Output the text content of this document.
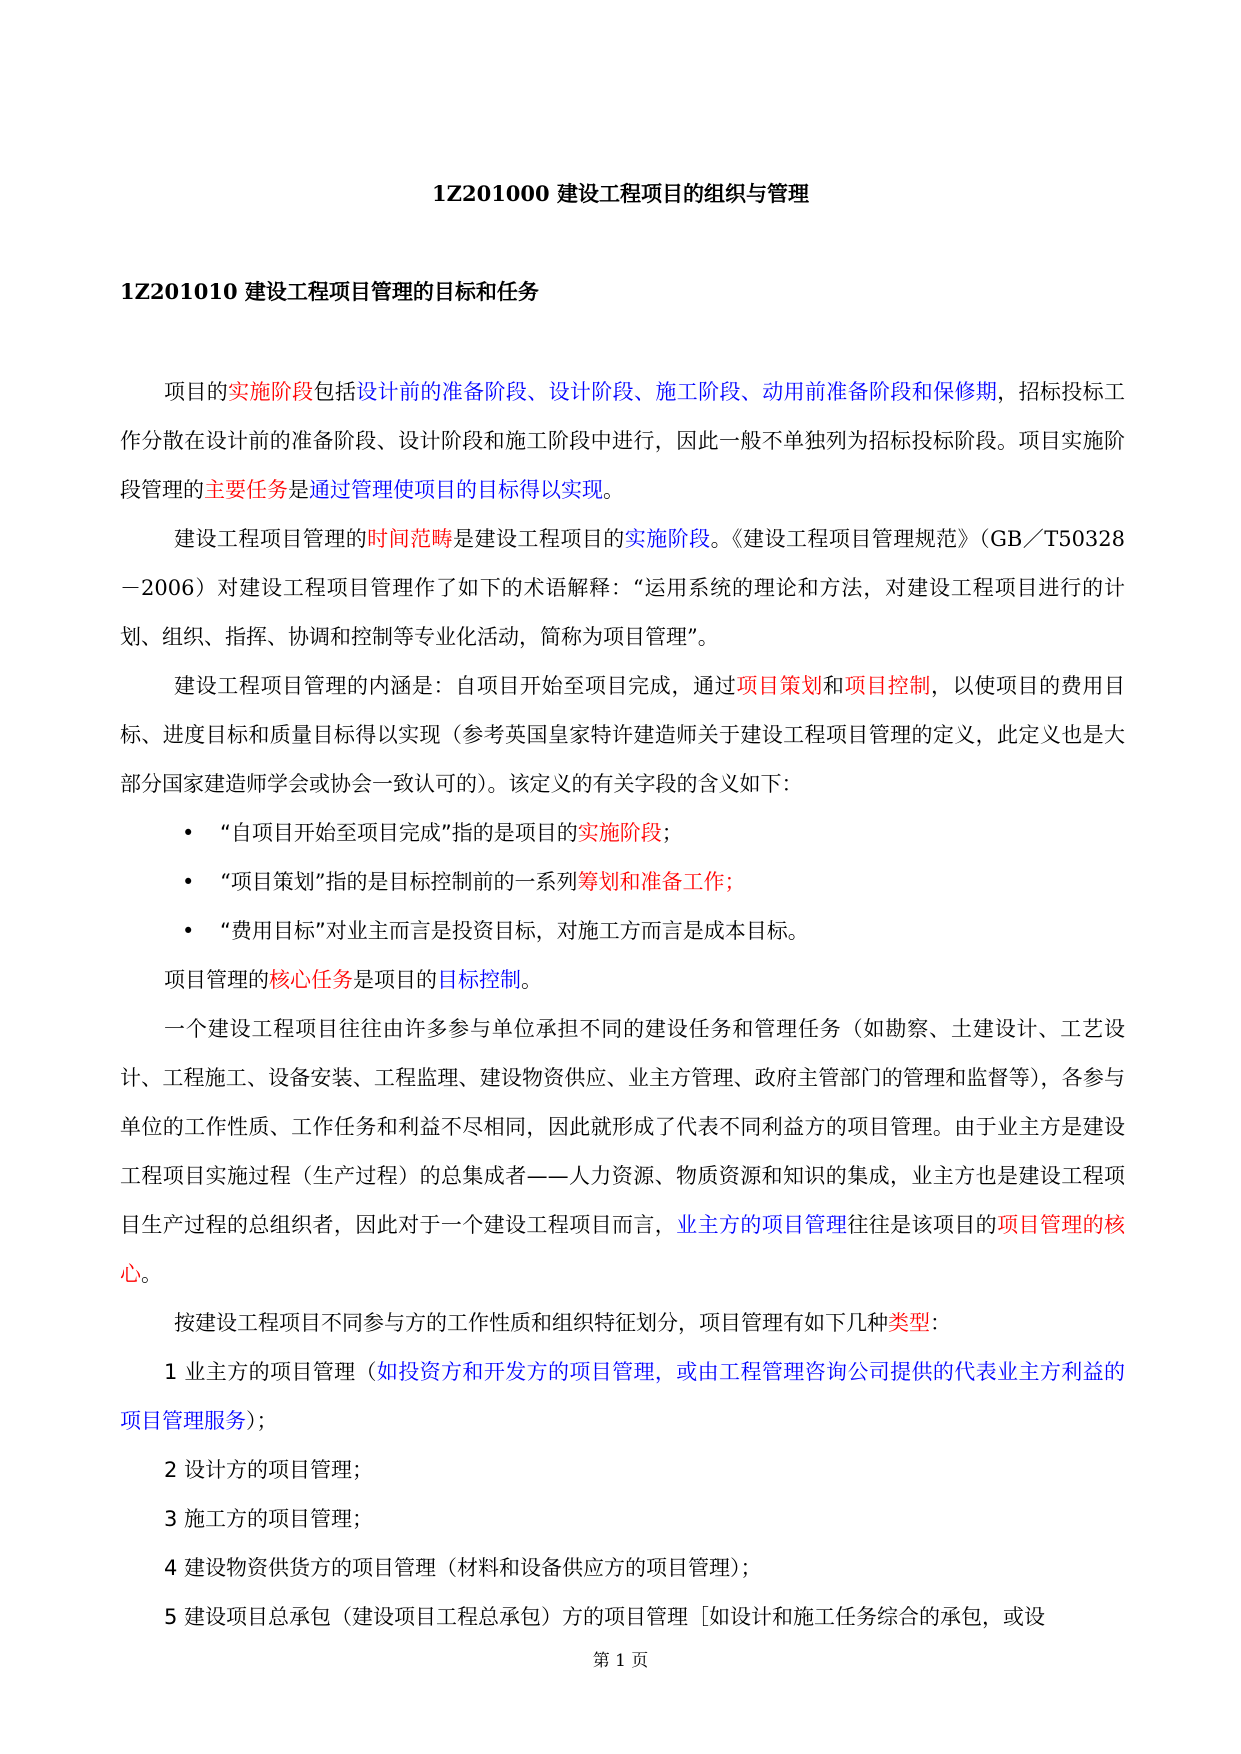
1Z201000 建设工程项目的组织与管理
1Z201010 建设工程项目管理的目标和任务

项目的实施阶段包括设计前的准备阶段、设计阶段、施工阶段、动用前准备阶段和保修期，招标投标工作分散在设计前的准备阶段、设计阶段和施工阶段中进行，因此一般不单独列为招标投标阶段。项目实施阶段管理的主要任务是通过管理使项目的目标得以实现。

建设工程项目管理的时间范畴是建设工程项目的实施阶段。《建设工程项目管理规范》（GB／T50328－2006）对建设工程项目管理作了如下的术语解释：“运用系统的理论和方法，对建设工程项目进行的计划、组织、指挥、协调和控制等专业化活动，简称为项目管理”。

建设工程项目管理的内涵是：自项目开始至项目完成，通过项目策划和项目控制，以使项目的费用目标、进度目标和质量目标得以实现（参考英国皇家特许建造师关于建设工程项目管理的定义，此定义也是大部分国家建造师学会或协会一致认可的）。该定义的有关字段的含义如下：

• “自项目开始至项目完成”指的是项目的实施阶段；

• “项目策划”指的是目标控制前的一系列筹划和准备工作；

• “费用目标”对业主而言是投资目标，对施工方而言是成本目标。

项目管理的核心任务是项目的目标控制。

一个建设工程项目往往由许多参与单位承担不同的建设任务和管理任务（如勘察、土建设计、工艺设计、工程施工、设备安装、工程监理、建设物资供应、业主方管理、政府主管部门的管理和监督等），各参与单位的工作性质、工作任务和利益不尽相同，因此就形成了代表不同利益方的项目管理。由于业主方是建设工程项目实施过程（生产过程）的总集成者——人力资源、物质资源和知识的集成，业主方也是建设工程项目生产过程的总组织者，因此对于一个建设工程项目而言，业主方的项目管理往往是该项目的项目管理的核心。

按建设工程项目不同参与方的工作性质和组织特征划分，项目管理有如下几种类型：

1 业主方的项目管理（如投资方和开发方的项目管理，或由工程管理咨询公司提供的代表业主方利益的项目管理服务）；

2 设计方的项目管理；

3 施工方的项目管理；

4 建设物资供货方的项目管理（材料和设备供应方的项目管理）；

5 建设项目总承包（建设项目工程总承包）方的项目管理［如设计和施工任务综合的承包，或设

第 1 页
